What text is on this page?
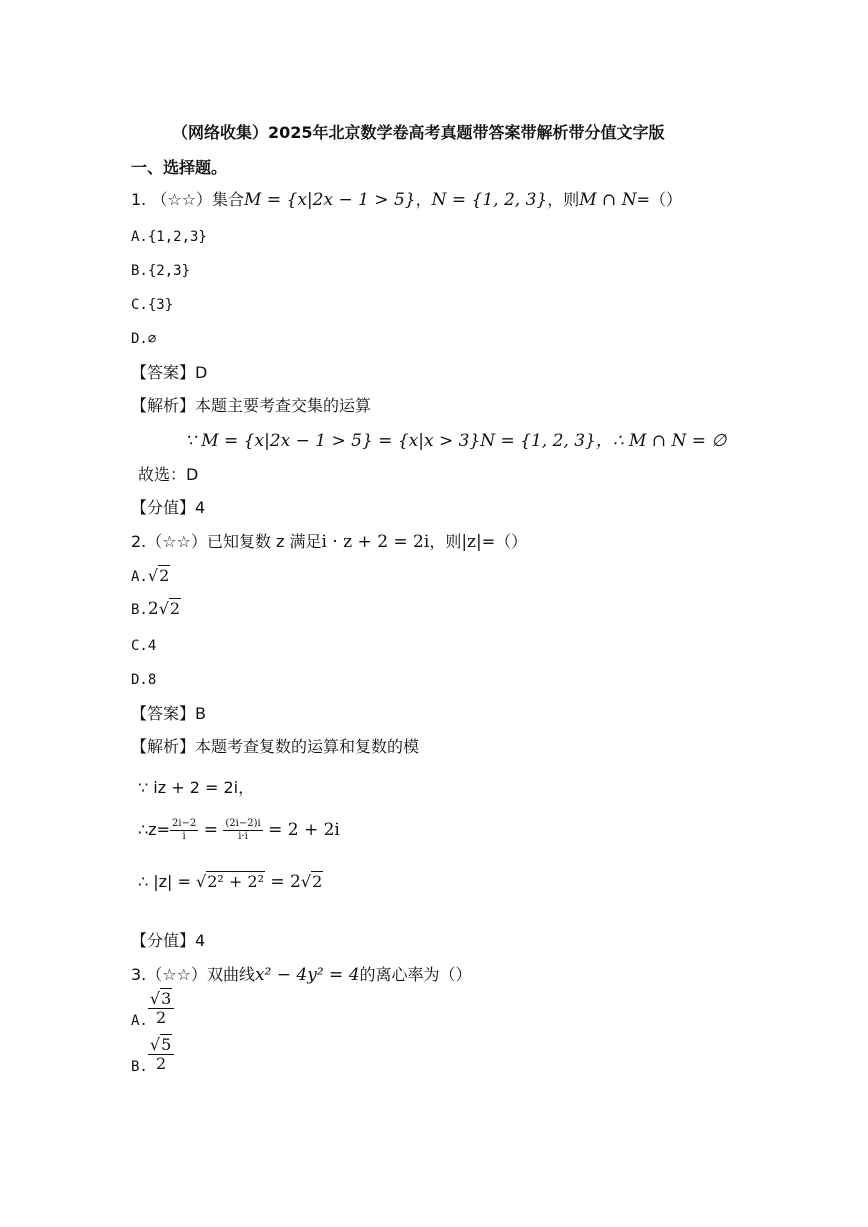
（网络收集）2025年北京数学卷高考真题带答案带解析带分值文字版
一、选择题。
1. （☆☆）集合M = {x|2x − 1 > 5}，N = {1, 2, 3}，则M ∩ N=（）
A.{1,2,3}
B.{2,3}
C.{3}
D.∅
【答案】D
【解析】本题主要考查交集的运算
∵ M = {x|2x − 1 > 5} = {x|x > 3}N = {1, 2, 3}，∴ M ∩ N = ∅
故选：D
【分值】4
2.（☆☆）已知复数 z 满足i · z + 2 = 2i，则|z|=（）
A.√2
B.2√2
C.4
D.8
【答案】B
【解析】本题考查复数的运算和复数的模
∵ iz + 2 = 2i，
∴z= $\frac{2i-2}{i} = \frac{(2i-2)i}{i\cdot i} = 2 + 2i$
∴ |z| = √2² + 2² = 2√2
【分值】4
3.（☆☆）双曲线x² − 4y² = 4的离心率为（）
A. $\frac{√3}{2}$
B. $\frac{√5}{2}$
